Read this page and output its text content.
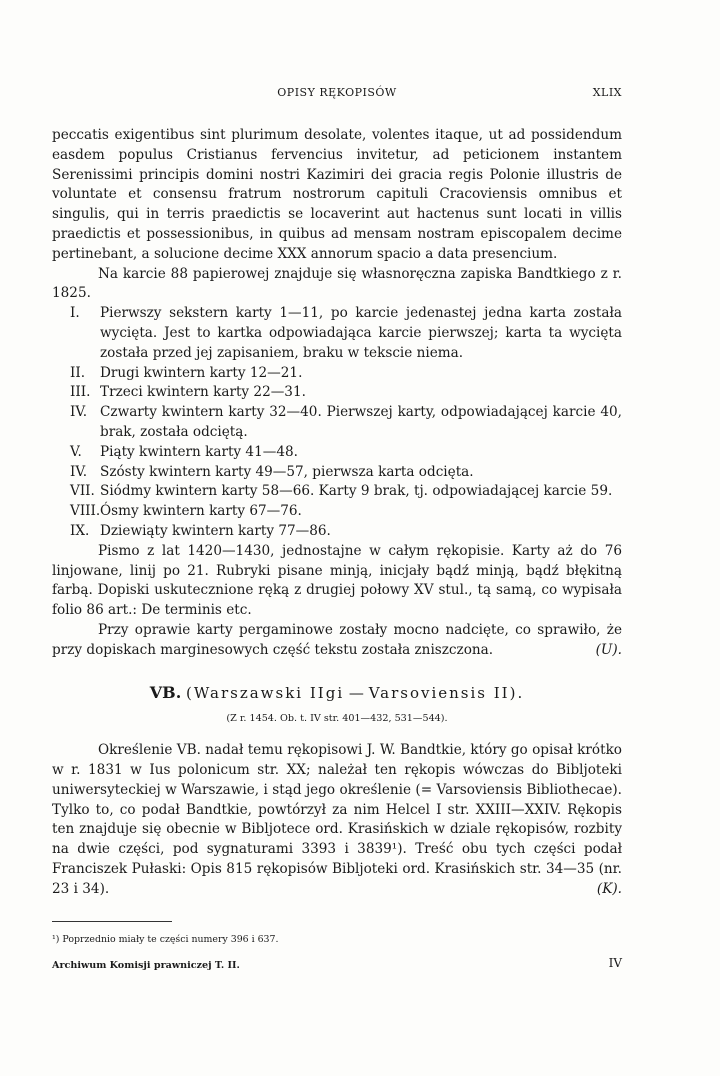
OPISY RĘKOPISÓW	XLIX

peccatis exigentibus sint plurimum desolate, volentes itaque, ut ad possidendum easdem populus Cristianus fervencius invitetur, ad peticionem instantem Serenissimi principis domini nostri Kazimiri dei gracia regis Polonie illustris de voluntate et consensu fratrum nostrorum capituli Cracoviensis omnibus et singulis, qui in terris praedictis se locaverint aut hactenus sunt locati in villis praedictis et possessionibus, in quibus ad mensam nostram episcopalem decime pertinebant, a solucione decime XXX annorum spacio a data presencium.

Na karcie 88 papierowej znajduje się własnoręczna zapiska Bandtkiego z r. 1825.

I.	Pierwszy sekstern karty 1—11, po karcie jedenastej jedna karta została wycięta. Jest to kartka odpowiadająca karcie pierwszej; karta ta wycięta została przed jej zapisaniem, braku w tekscie niema.
II.	Drugi kwintern karty 12—21.
III. Trzeci kwintern karty 22—31.
IV. Czwarty kwintern karty 32—40. Pierwszej karty, odpowiadającej karcie 40, brak, została odciętą.
V.	Piąty kwintern karty 41—48.
IV. Szósty kwintern karty 49—57, pierwsza karta odcięta.
VII. Siódmy kwintern karty 58—66. Karty 9 brak, tj. odpowiadającej karcie 59.
VIII. Ósmy kwintern karty 67—76.
IX. Dziewiąty kwintern karty 77—86.

Pismo z lat 1420—1430, jednostajne w całym rękopisie. Karty aż do 76 linjowane, linij po 21. Rubryki pisane minją, inicjały bądź minją, bądź błękitną farbą. Dopiski uskutecznione ręką z drugiej połowy XV stul., tą samą, co wypisała folio 86 art.: De terminis etc.

Przy oprawie karty pergaminowe zostały mocno nadcięte, co sprawiło, że przy dopiskach marginesowych część tekstu została zniszczona.	(U).

VB. (Warszawski IIgi — Varsoviensis II).
(Z r. 1454. Ob. t. IV str. 401—432, 531—544).

Określenie VB. nadał temu rękopisowi J. W. Bandtkie, który go opisał krótko w r. 1831 w Ius polonicum str. XX; należał ten rękopis wówczas do Bibljoteki uniwersyteckiej w Warszawie, i stąd jego określenie (= Varsoviensis Bibliothecae). Tylko to, co podał Bandtkie, powtórzył za nim Helcel I str. XXIII—XXIV. Rękopis ten znajduje się obecnie w Bibljotece ord. Krasińskich w dziale rękopisów, rozbity na dwie części, pod sygnaturami 3393 i 3839¹). Treść obu tych części podał Franciszek Pułaski: Opis 815 rękopisów Bibljoteki ord. Krasińskich str. 34—35 (nr. 23 i 34).	(K).

¹) Poprzednio miały te części numery 396 i 637.
Archiwum Komisji prawniczej T. II.	IV
